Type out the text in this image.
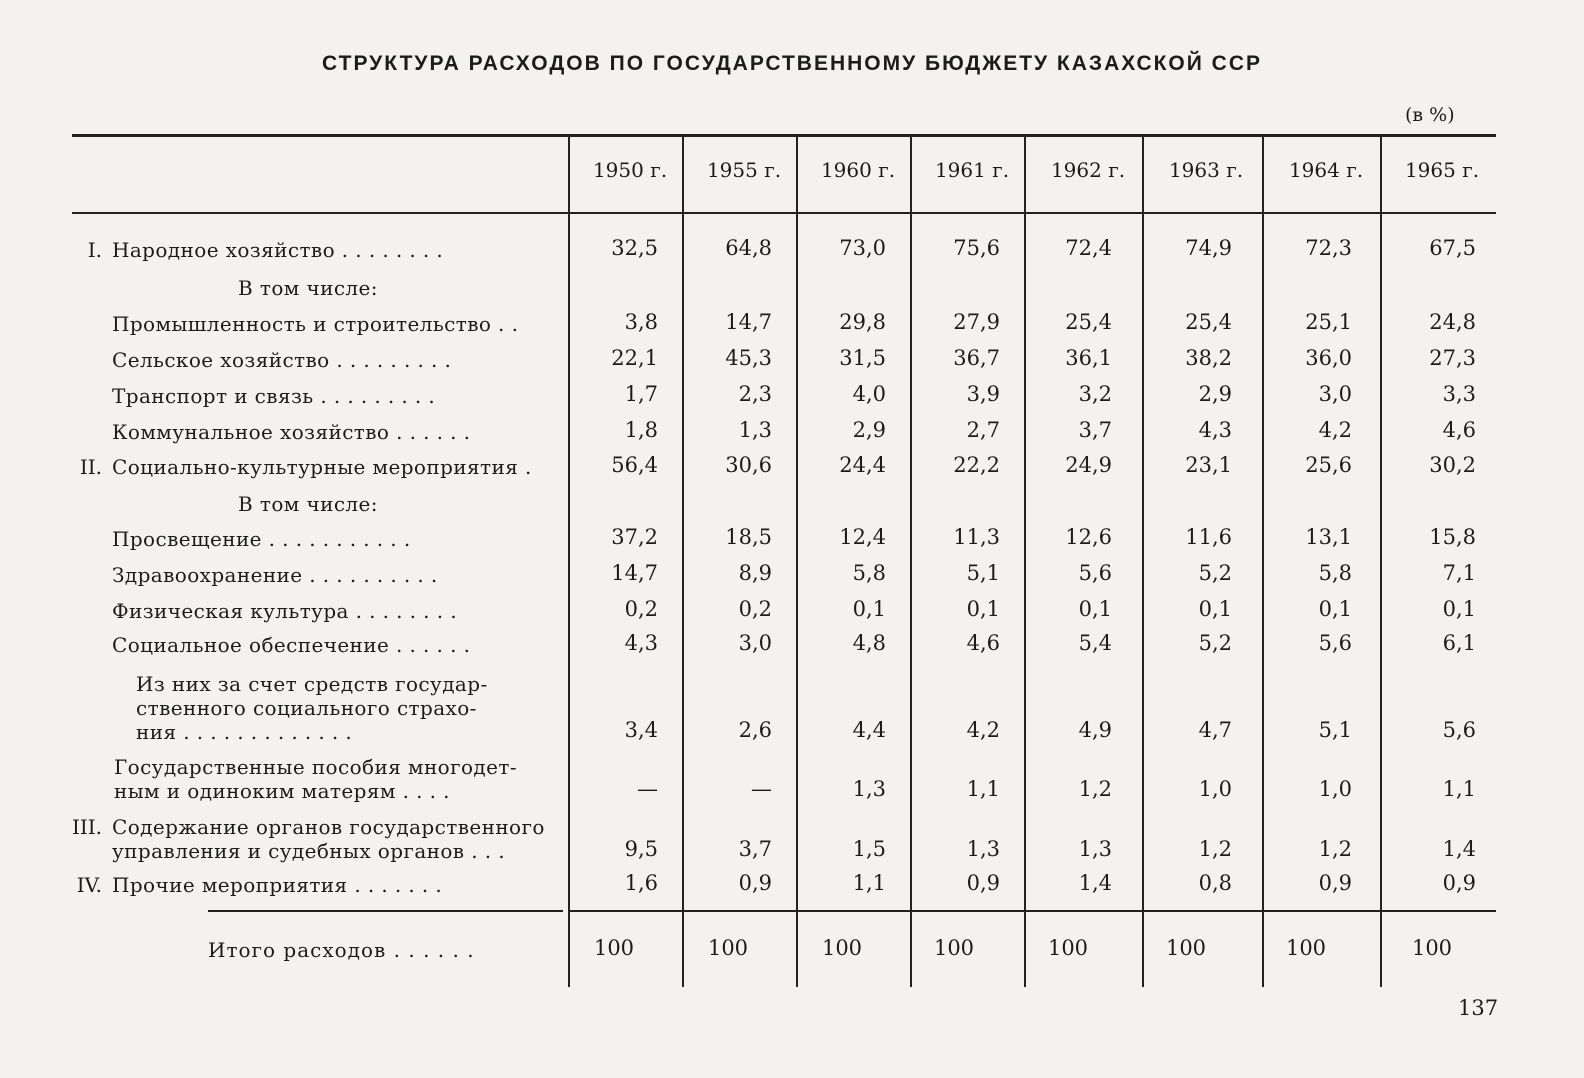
СТРУКТУРА РАСХОДОВ ПО ГОСУДАРСТВЕННОМУ БЮДЖЕТУ КАЗАХСКОЙ ССР
(в %)
1950 г.	1955 г.	1960 г.	1961 г.	1962 г.	1963 г.	1964 г.	1965 г.
I. Народное хозяйство . . . . . . . .	32,5	64,8	73,0	75,6	72,4	74,9	72,3	67,5
В том числе:
Промышленность и строительство . .	3,8	14,7	29,8	27,9	25,4	25,4	25,1	24,8
Сельское хозяйство . . . . . . . . .	22,1	45,3	31,5	36,7	36,1	38,2	36,0	27,3
Транспорт и связь . . . . . . . . .	1,7	2,3	4,0	3,9	3,2	2,9	3,0	3,3
Коммунальное хозяйство . . . . . .	1,8	1,3	2,9	2,7	3,7	4,3	4,2	4,6
II. Социально-культурные мероприятия .	56,4	30,6	24,4	22,2	24,9	23,1	25,6	30,2
В том числе:
Просвещение . . . . . . . . . . .	37,2	18,5	12,4	11,3	12,6	11,6	13,1	15,8
Здравоохранение . . . . . . . . . .	14,7	8,9	5,8	5,1	5,6	5,2	5,8	7,1
Физическая культура . . . . . . . .	0,2	0,2	0,1	0,1	0,1	0,1	0,1	0,1
Социальное обеспечение . . . . . .	4,3	3,0	4,8	4,6	5,4	5,2	5,6	6,1
Из них за счет средств государ-
ственного социального страхо-
ния . . . . . . . . . . . . .	3,4	2,6	4,4	4,2	4,9	4,7	5,1	5,6
Государственные пособия многодет-
ным и одиноким матерям . . . .	—	—	1,3	1,1	1,2	1,0	1,0	1,1
III. Содержание органов государственного
управления и судебных органов . . .	9,5	3,7	1,5	1,3	1,3	1,2	1,2	1,4
IV. Прочие мероприятия . . . . . . .	1,6	0,9	1,1	0,9	1,4	0,8	0,9	0,9
Итого расходов . . . . . .	100	100	100	100	100	100	100	100
137
